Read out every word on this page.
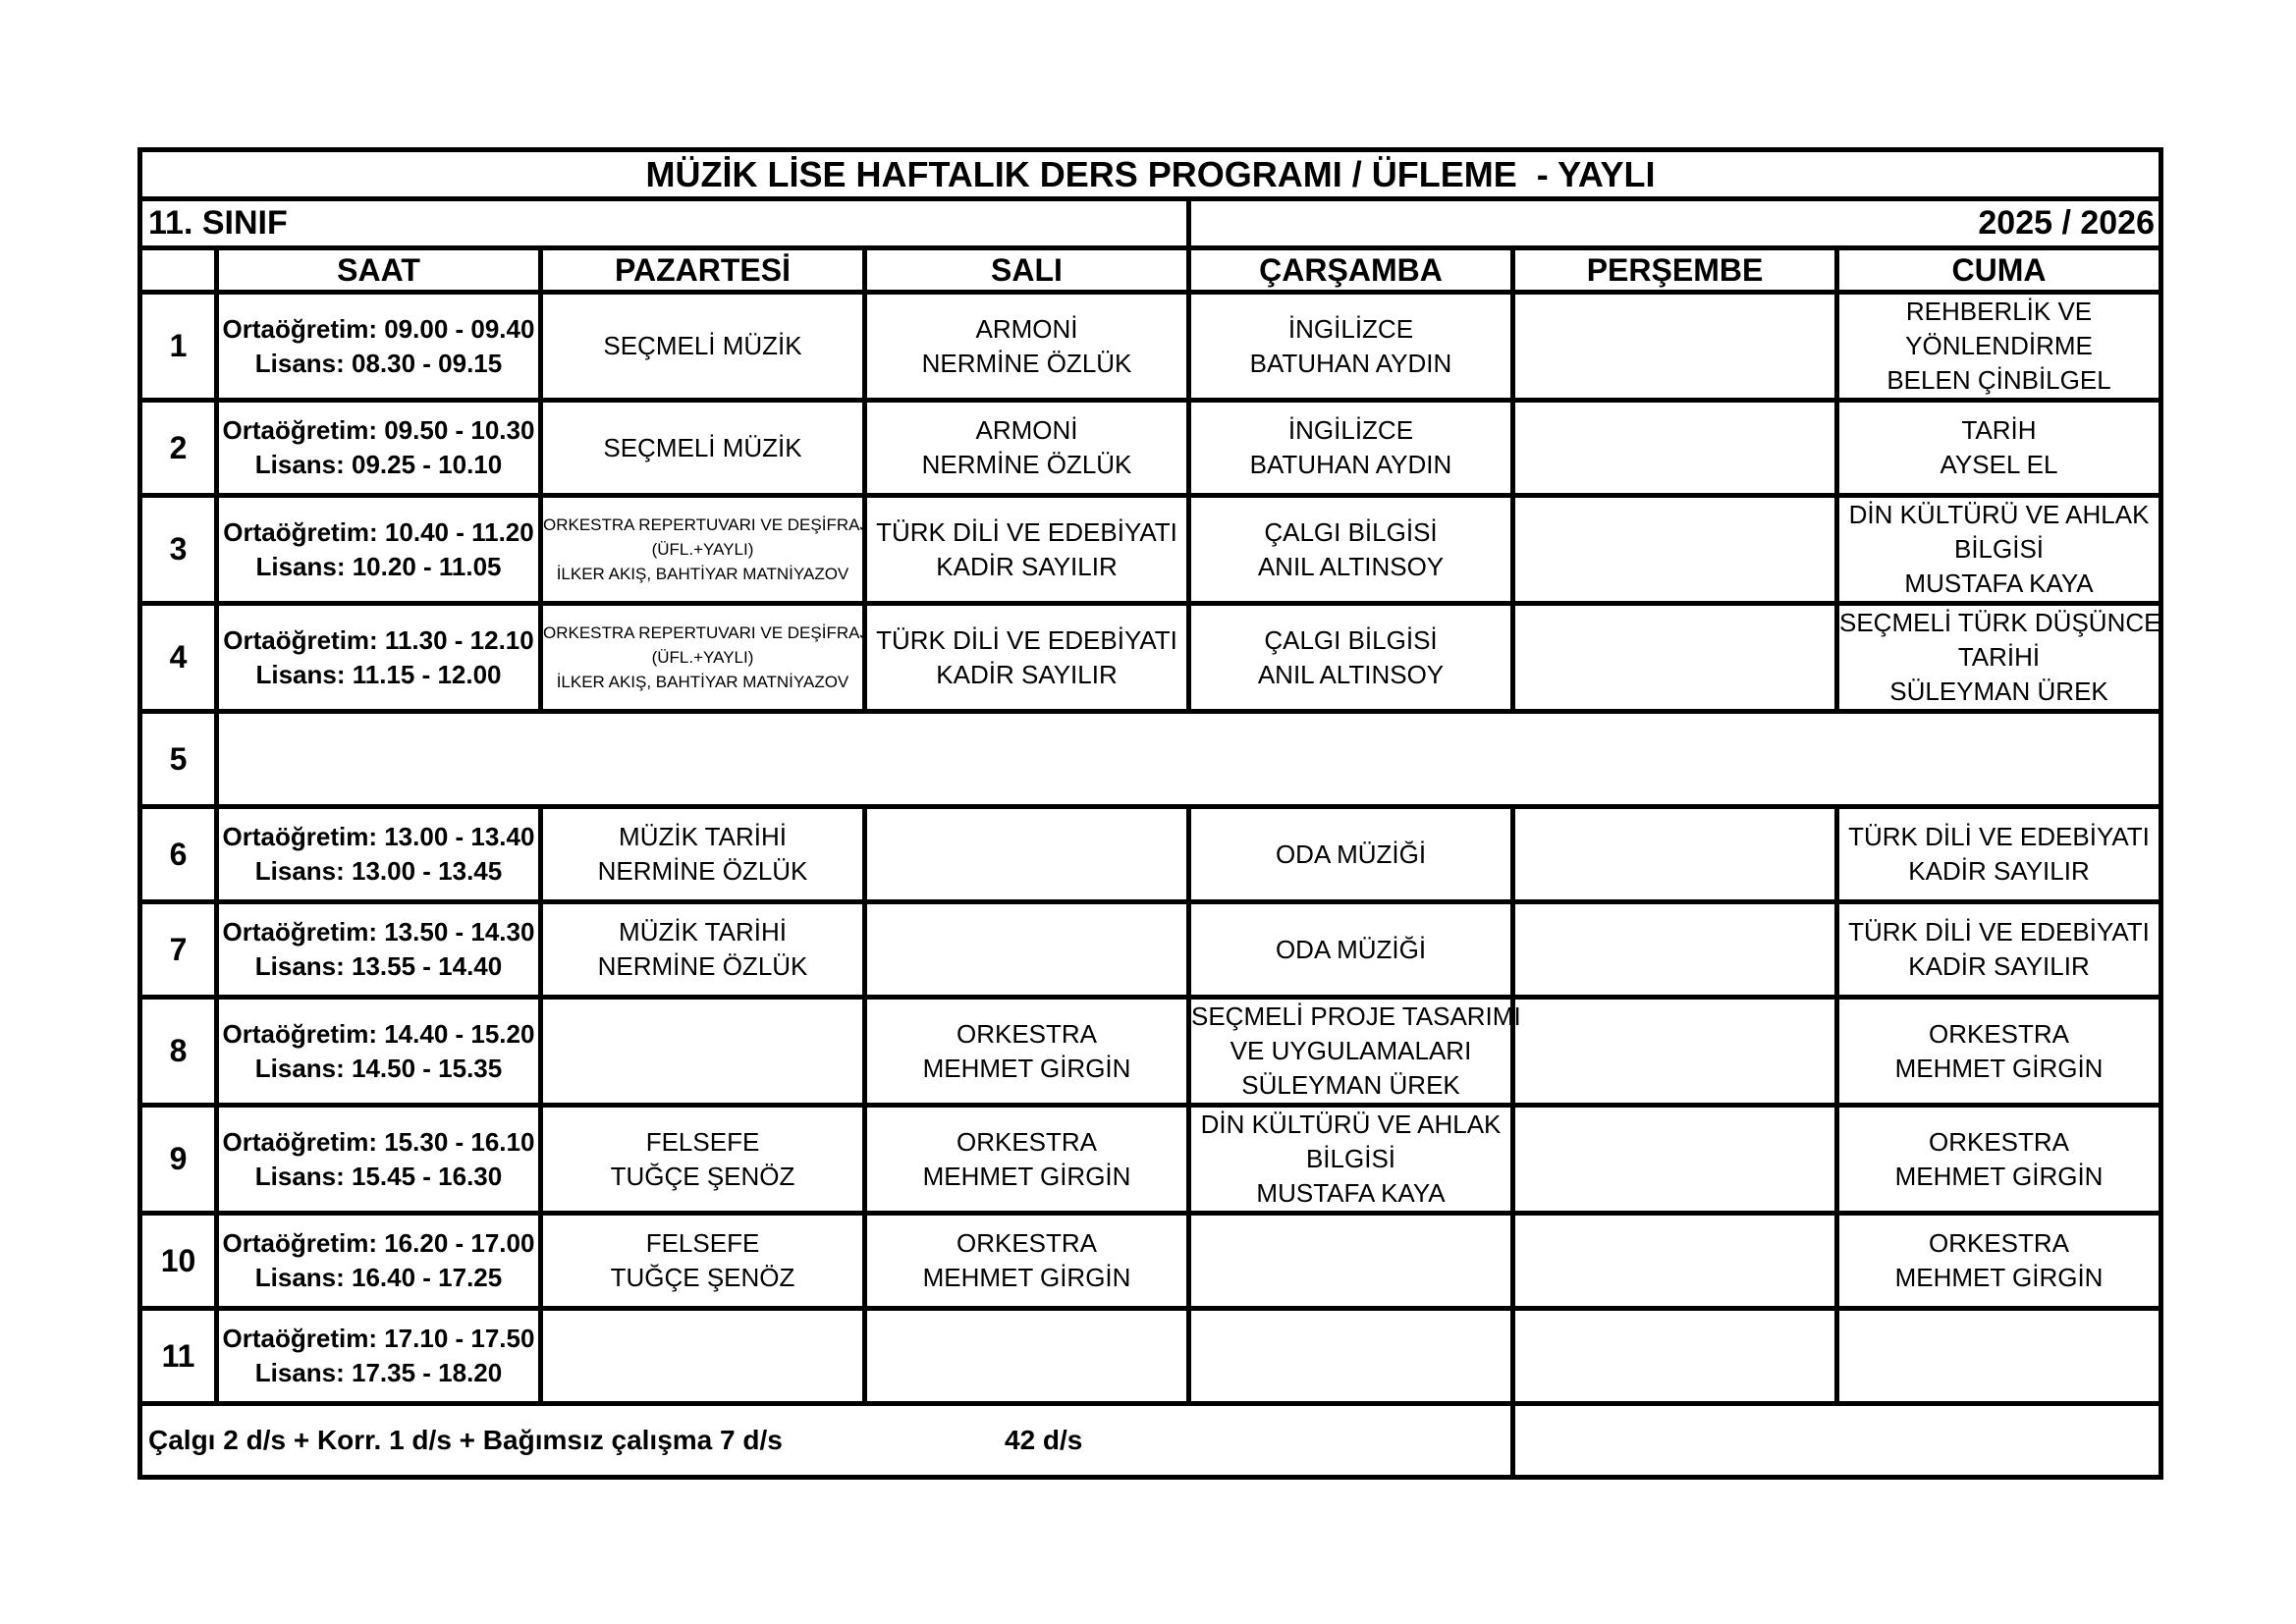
MÜZİK LİSE HAFTALIK DERS PROGRAMI / ÜFLEME  - YAYLI						
11. SINIF				2025 / 2026		
	SAAT	PAZARTESİ	SALI	ÇARŞAMBA	PERŞEMBE	CUMA
1	Ortaöğretim: 09.00 - 09.40
Lisans: 08.30 - 09.15	SEÇMELİ MÜZİK	ARMONİ
NERMİNE ÖZLÜK	İNGİLİZCE
BATUHAN AYDIN		REHBERLİK VE
YÖNLENDİRME
BELEN ÇİNBİLGEL

2	Ortaöğretim: 09.50 - 10.30
Lisans: 09.25 - 10.10	SEÇMELİ MÜZİK	ARMONİ
NERMİNE ÖZLÜK	İNGİLİZCE
BATUHAN AYDIN		TARİH
AYSEL EL

3	Ortaöğretim: 10.40 - 11.20
Lisans: 10.20 - 11.05	ORKESTRA REPERTUVARI VE DEŞİFRAJ
(ÜFL.+YAYLI)
İLKER AKIŞ, BAHTİYAR MATNİYAZOV	TÜRK DİLİ VE EDEBİYATI
KADİR SAYILIR	ÇALGI BİLGİSİ
ANIL ALTINSOY		DİN KÜLTÜRÜ VE AHLAK
BİLGİSİ
MUSTAFA KAYA

4	Ortaöğretim: 11.30 - 12.10
Lisans: 11.15 - 12.00	ORKESTRA REPERTUVARI VE DEŞİFRAJ
(ÜFL.+YAYLI)
İLKER AKIŞ, BAHTİYAR MATNİYAZOV	TÜRK DİLİ VE EDEBİYATI
KADİR SAYILIR	ÇALGI BİLGİSİ
ANIL ALTINSOY		SEÇMELİ TÜRK DÜŞÜNCE
TARİHİ
SÜLEYMAN ÜREK

5						
6	Ortaöğretim: 13.00 - 13.40
Lisans: 13.00 - 13.45	MÜZİK TARİHİ
NERMİNE ÖZLÜK		ODA MÜZİĞİ		TÜRK DİLİ VE EDEBİYATI
KADİR SAYILIR

7	Ortaöğretim: 13.50 - 14.30
Lisans: 13.55 - 14.40	MÜZİK TARİHİ
NERMİNE ÖZLÜK		ODA MÜZİĞİ		TÜRK DİLİ VE EDEBİYATI
KADİR SAYILIR

8	Ortaöğretim: 14.40 - 15.20
Lisans: 14.50 - 15.35		ORKESTRA
MEHMET GİRGİN	SEÇMELİ PROJE TASARIMI
VE UYGULAMALARI
SÜLEYMAN ÜREK		ORKESTRA
MEHMET GİRGİN

9	Ortaöğretim: 15.30 - 16.10
Lisans: 15.45 - 16.30	FELSEFE
TUĞÇE ŞENÖZ	ORKESTRA
MEHMET GİRGİN	DİN KÜLTÜRÜ VE AHLAK
BİLGİSİ
MUSTAFA KAYA		ORKESTRA
MEHMET GİRGİN

10	Ortaöğretim: 16.20 - 17.00
Lisans: 16.40 - 17.25	FELSEFE
TUĞÇE ŞENÖZ	ORKESTRA
MEHMET GİRGİN			ORKESTRA
MEHMET GİRGİN

11	Ortaöğretim: 17.10 - 17.50
Lisans: 17.35 - 18.20					

Çalgı 2 d/s + Korr. 1 d/s + Bağımsız çalışma 7 d/s					42 d/s	
